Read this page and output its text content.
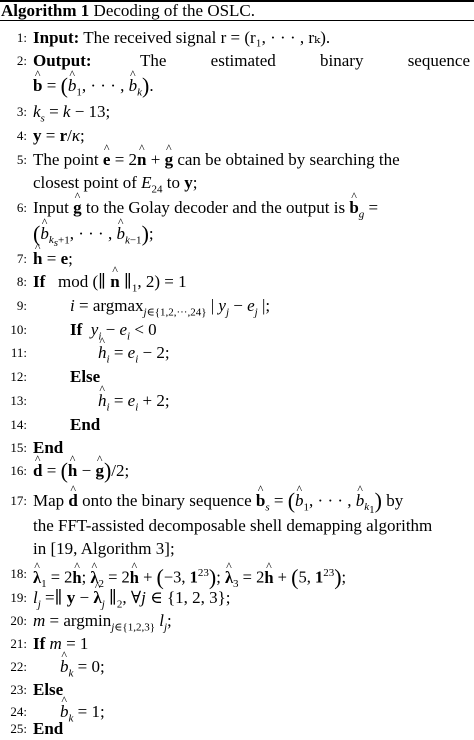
Algorithm 1 Decoding of the OSLC.
1: Input: The received signal r = (r₁, · · · , rₖ).
2: Output:	The	estimated	binary	sequence
b ^ = (b $\^{}_1$, · · · , b $\^{}_k$).
3: $k_s = k - 13$;
4: y = r/κ;
5: The point e ^ = 2n ^ + g ^ can be obtained by searching the
closest point of $E_{24}$ to y;
6: Input g ^ to the Golay decoder and the output is b $\^{}_g$ =
(b $\^{}_{k_s+1}$, · · · , b $\^{}_{k-1}$);
7: h ^ = e;
8: If   mod (∥ n ^ $\parallel_1$, 2) = 1
9:	i = argmax$_{j\in\{1,2,\cdot\cdot\cdot,24\}}$ | $y_j - e_j$ |;
10:	If $y_i - e_i < 0$
11:	h $\^{}_i = e_i - 2$;
12:	Else
13:	h $\^{}_i = e_i + 2$;
14:	End
15: End
16: d ^ = (h ^ − g ^)/2;
17: Map d ^ onto the binary sequence b $\^{}_s = (b$ $\^{}_1$, · · · , b $\^{}_{k_1}$) by
the FFT-assisted decomposable shell demapping algorithm
in [19, Algorithm 3];
18: λ $\^{}_1 = 2h$ ^; λ $\^{}_2 = 2h$ ^ + (−3, $1^{23}$); λ $\^{}_3 = 2h$ ^ + (5, $1^{23}$);
19: $l_j$ =∥ y − λ $\^{}_j$ $\parallel_2$, ∀j ∈ {1, 2, 3};
20: m = argmin$_{j\in\{1,2,3\}}$ $l_j$;
21: If m = 1
22: b $\^{}_k = 0$;
23: Else
24: b $\^{}_k = 1$;
25: End
